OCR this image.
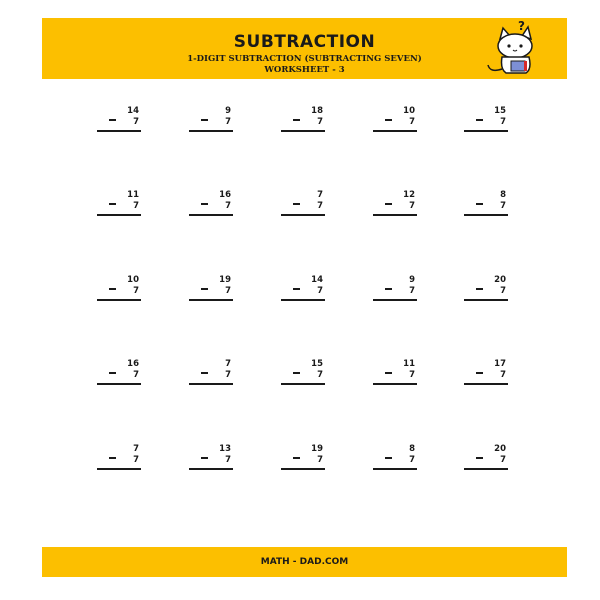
SUBTRACTION
1-DIGIT SUBTRACTION (SUBTRACTING SEVEN)
WORKSHEET - 3
?
14
7
9
7
18
7
10
7
15
7
11
7
16
7
7
7
12
7
8
7
10
7
19
7
14
7
9
7
20
7
16
7
7
7
15
7
11
7
17
7
7
7
13
7
19
7
8
7
20
7
MATH - DAD.COM
